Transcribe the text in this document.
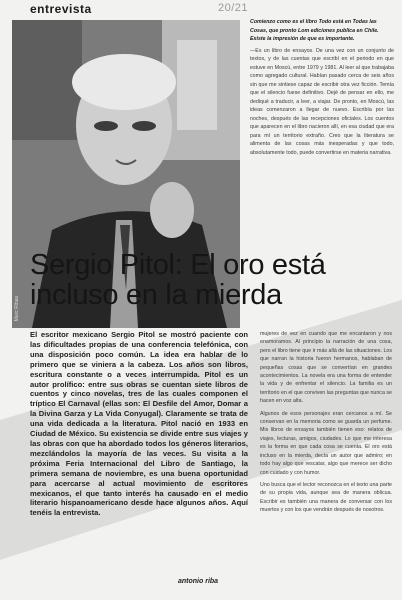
entrevista	20/21
Marc Ribas
Sergio Pitol: El oro está
incluso en la mierda

Comienzo como es el libro Todo está en Todas las Cosas, que pronto Lom ediciones publica en Chile. Existe la impresión de que es importante.

—Es un libro de ensayos. De una vez con un conjunto de textos, y de las cuentas que escribí en el periodo en que estuve en Moscú, entre 1979 y 1981. Al leer al que trabajaba como agregado cultural. Habían pasado cerca de seis años sin que me sintiese capaz de escribir otra vez ficción. Temía que el silencio fuese definitivo. Dejé de pensar en ello, me dediqué a traducir, a leer, a viajar. De pronto, en Moscú, las ideas comenzaron a llegar de nuevo. Escribía por las noches, después de las recepciones oficiales. Los cuentos que aparecen en el libro nacieron allí, en esa ciudad que era para mí un territorio extraño. Creo que la literatura se alimenta de las cosas más inesperadas y que todo, absolutamente todo, puede convertirse en materia narrativa.

El escritor mexicano Sergio Pitol se mostró paciente con las dificultades propias de una conferencia telefónica, con una disposición poco común. La idea era hablar de lo primero que se viniera a la cabeza. Los años son libros, escritura constante o a veces interrumpida. Pitol es un autor prolífico: entre sus obras se cuentan siete libros de cuentos y cinco novelas, tres de las cuales componen el tríptico El Carnaval (ellas son: El Desfile del Amor, Domar a la Divina Garza y La Vida Conyugal). Claramente se trata de una vida dedicada a la literatura. Pitol nació en 1933 en Ciudad de México. Su existencia se divide entre sus viajes y las obras con que ha abordado todos los géneros literarios, mezclándolos la mayoría de las veces. Su visita a la próxima Feria Internacional del Libro de Santiago, la primera semana de noviembre, es una buena oportunidad para acercarse al actual movimiento de escritores mexicanos, el que tanto interés ha causado en el medio literario hispanoamericano desde hace algunos años. Aquí tenéis la entrevista.

antonio riba

mujeres de vez en cuando que me encantaron y nos enamoramos. Al principio la narración de una cosa, pero el libro tiene que ir más allá de las situaciones. Los que narran la historia fueron hermanos, hablaban de pequeñas cosas que se convertían en grandes acontecimientos. La novela era una forma de entender la vida y de enfrentar el silencio. La familia es un territorio en el que conviven las preguntas que nunca se hacen en voz alta.

Algunos de esos personajes eran cercanos a mí. Se conservan en la memoria como se guarda un perfume. Mis libros de ensayos también tienen eso: relatos de viajes, lecturas, amigos, ciudades. Lo que me interesa es la forma en que cada cosa se cuenta. El oro está incluso en la mierda, decía un autor que admiro; en todo hay algo que rescatar, algo que merece ser dicho con cuidado y con humor.

Uno busca que el lector reconozca en el texto una parte de su propia vida, aunque sea de manera oblicua. Escribir es también una manera de conversar con los muertos y con los que vendrán después de nosotros.
